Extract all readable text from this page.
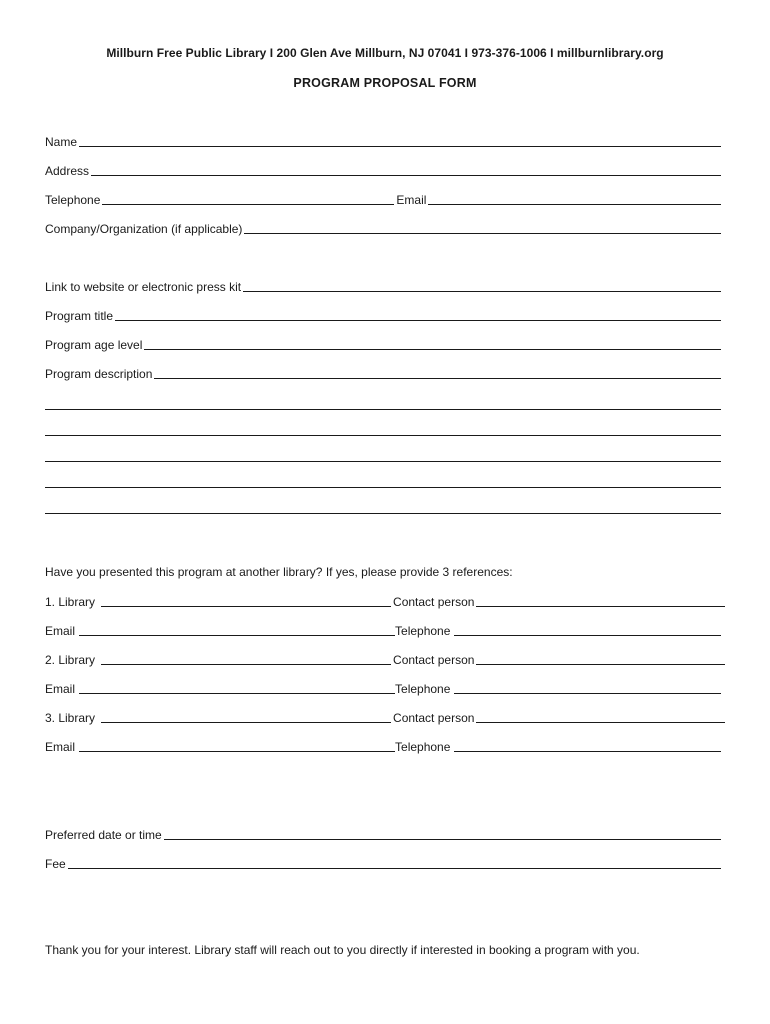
Millburn Free Public Library I 200 Glen Ave Millburn, NJ 07041 I 973-376-1006 I millburnlibrary.org
PROGRAM PROPOSAL FORM
Name
Address
Telephone	Email
Company/Organization (if applicable)
Link to website or electronic press kit
Program title
Program age level
Program description
Have you presented this program at another library? If yes, please provide 3 references:
1. Library	Contact person
Email	Telephone
2. Library	Contact person
Email	Telephone
3. Library	Contact person
Email	Telephone
Preferred date or time
Fee
Thank you for your interest. Library staff will reach out to you directly if interested in booking a program with you.
